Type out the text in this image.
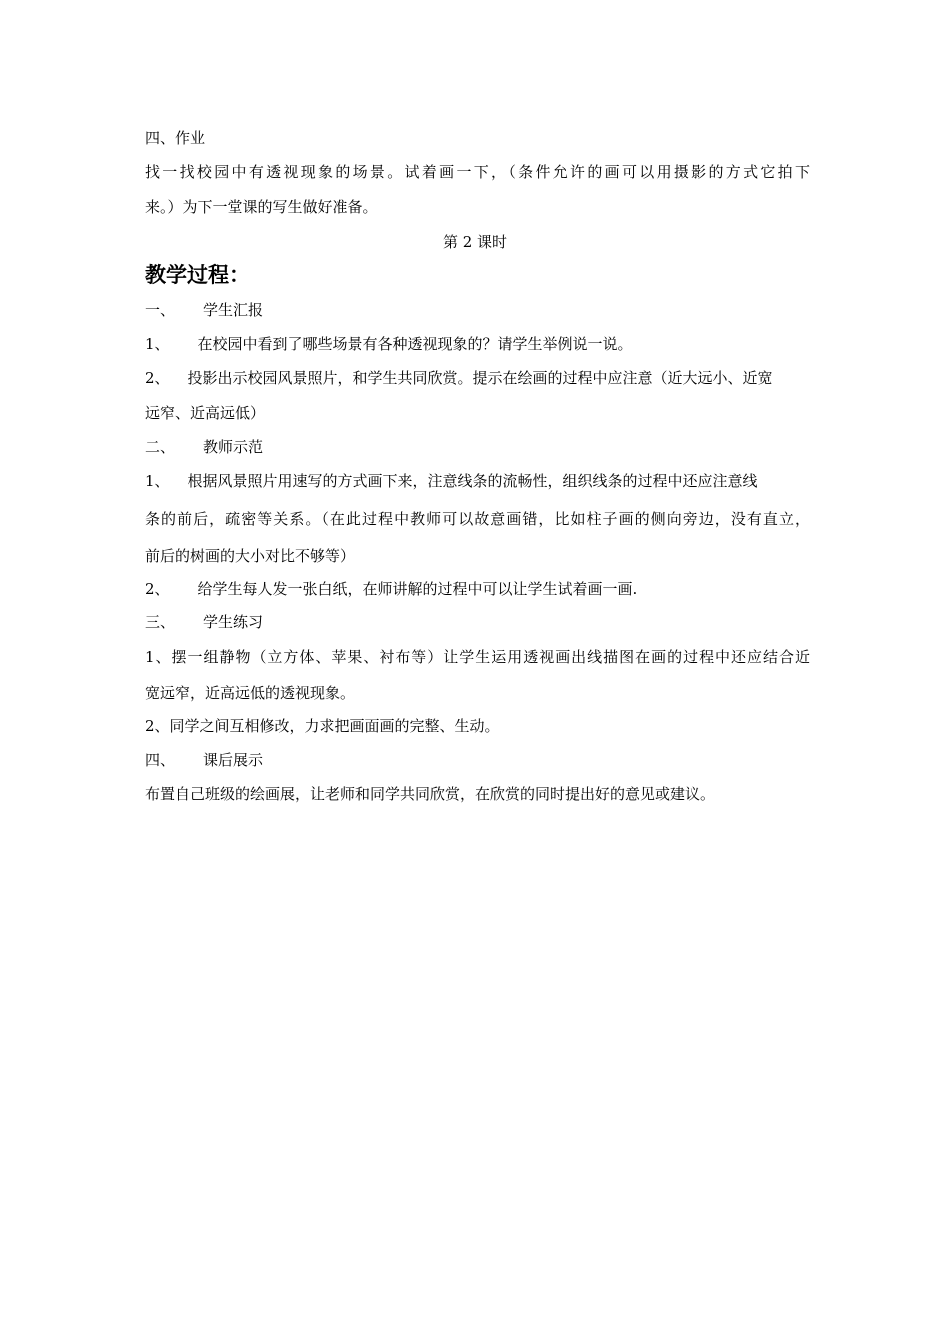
四、作业
找一找校园中有透视现象的场景。试着画一下，（条件允许的画可以用摄影的方式它拍下
来。）为下一堂课的写生做好准备。
第 2 课时
教学过程：
一、 学生汇报
1、 在校园中看到了哪些场景有各种透视现象的？请学生举例说一说。
2、 投影出示校园风景照片，和学生共同欣赏。提示在绘画的过程中应注意（近大远小、近宽
远窄、近高远低）
二、 教师示范
1、 根据风景照片用速写的方式画下来，注意线条的流畅性，组织线条的过程中还应注意线
条的前后，疏密等关系。（在此过程中教师可以故意画错，比如柱子画的侧向旁边，没有直立，
前后的树画的大小对比不够等）
2、 给学生每人发一张白纸，在师讲解的过程中可以让学生试着画一画.
三、 学生练习
1、摆一组静物（立方体、苹果、衬布等）让学生运用透视画出线描图在画的过程中还应结合近
宽远窄，近高远低的透视现象。
2、同学之间互相修改，力求把画面画的完整、生动。
四、 课后展示
布置自己班级的绘画展，让老师和同学共同欣赏，在欣赏的同时提出好的意见或建议。
